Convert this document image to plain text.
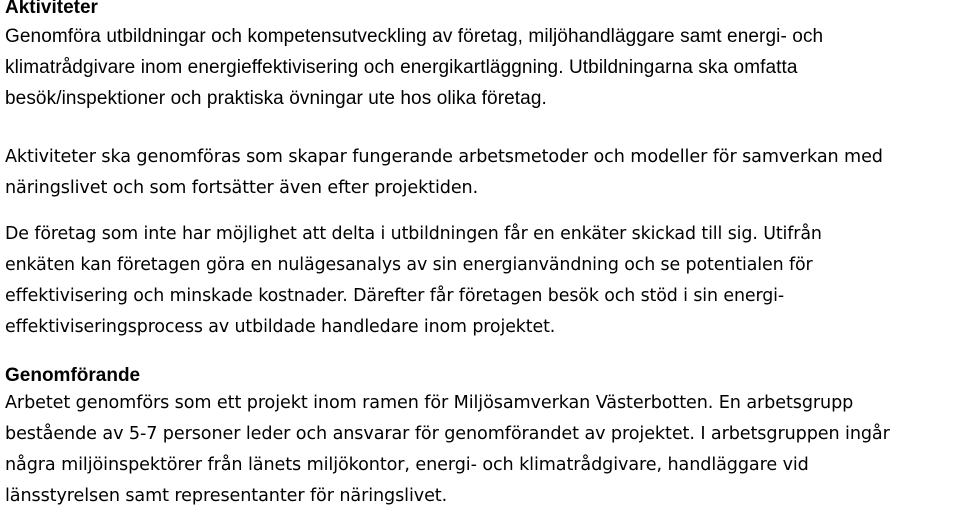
Aktiviteter
Genomföra utbildningar och kompetensutveckling av företag, miljöhandläggare samt energi- och
klimatrådgivare inom energieffektivisering och energikartläggning. Utbildningarna ska omfatta
besök/inspektioner och praktiska övningar ute hos olika företag.
Aktiviteter ska genomföras som skapar fungerande arbetsmetoder och modeller för samverkan med
näringslivet och som fortsätter även efter projektiden.
De företag som inte har möjlighet att delta i utbildningen får en enkäter skickad till sig. Utifrån
enkäten kan företagen göra en nulägesanalys av sin energianvändning och se potentialen för
effektivisering och minskade kostnader. Därefter får företagen besök och stöd i sin energi-
effektiviseringsprocess av utbildade handledare inom projektet.
Genomförande
Arbetet genomförs som ett projekt inom ramen för Miljösamverkan Västerbotten. En arbetsgrupp
bestående av 5-7 personer leder och ansvarar för genomförandet av projektet. I arbetsgruppen ingår
några miljöinspektörer från länets miljökontor, energi- och klimatrådgivare, handläggare vid
länsstyrelsen samt representanter för näringslivet.
